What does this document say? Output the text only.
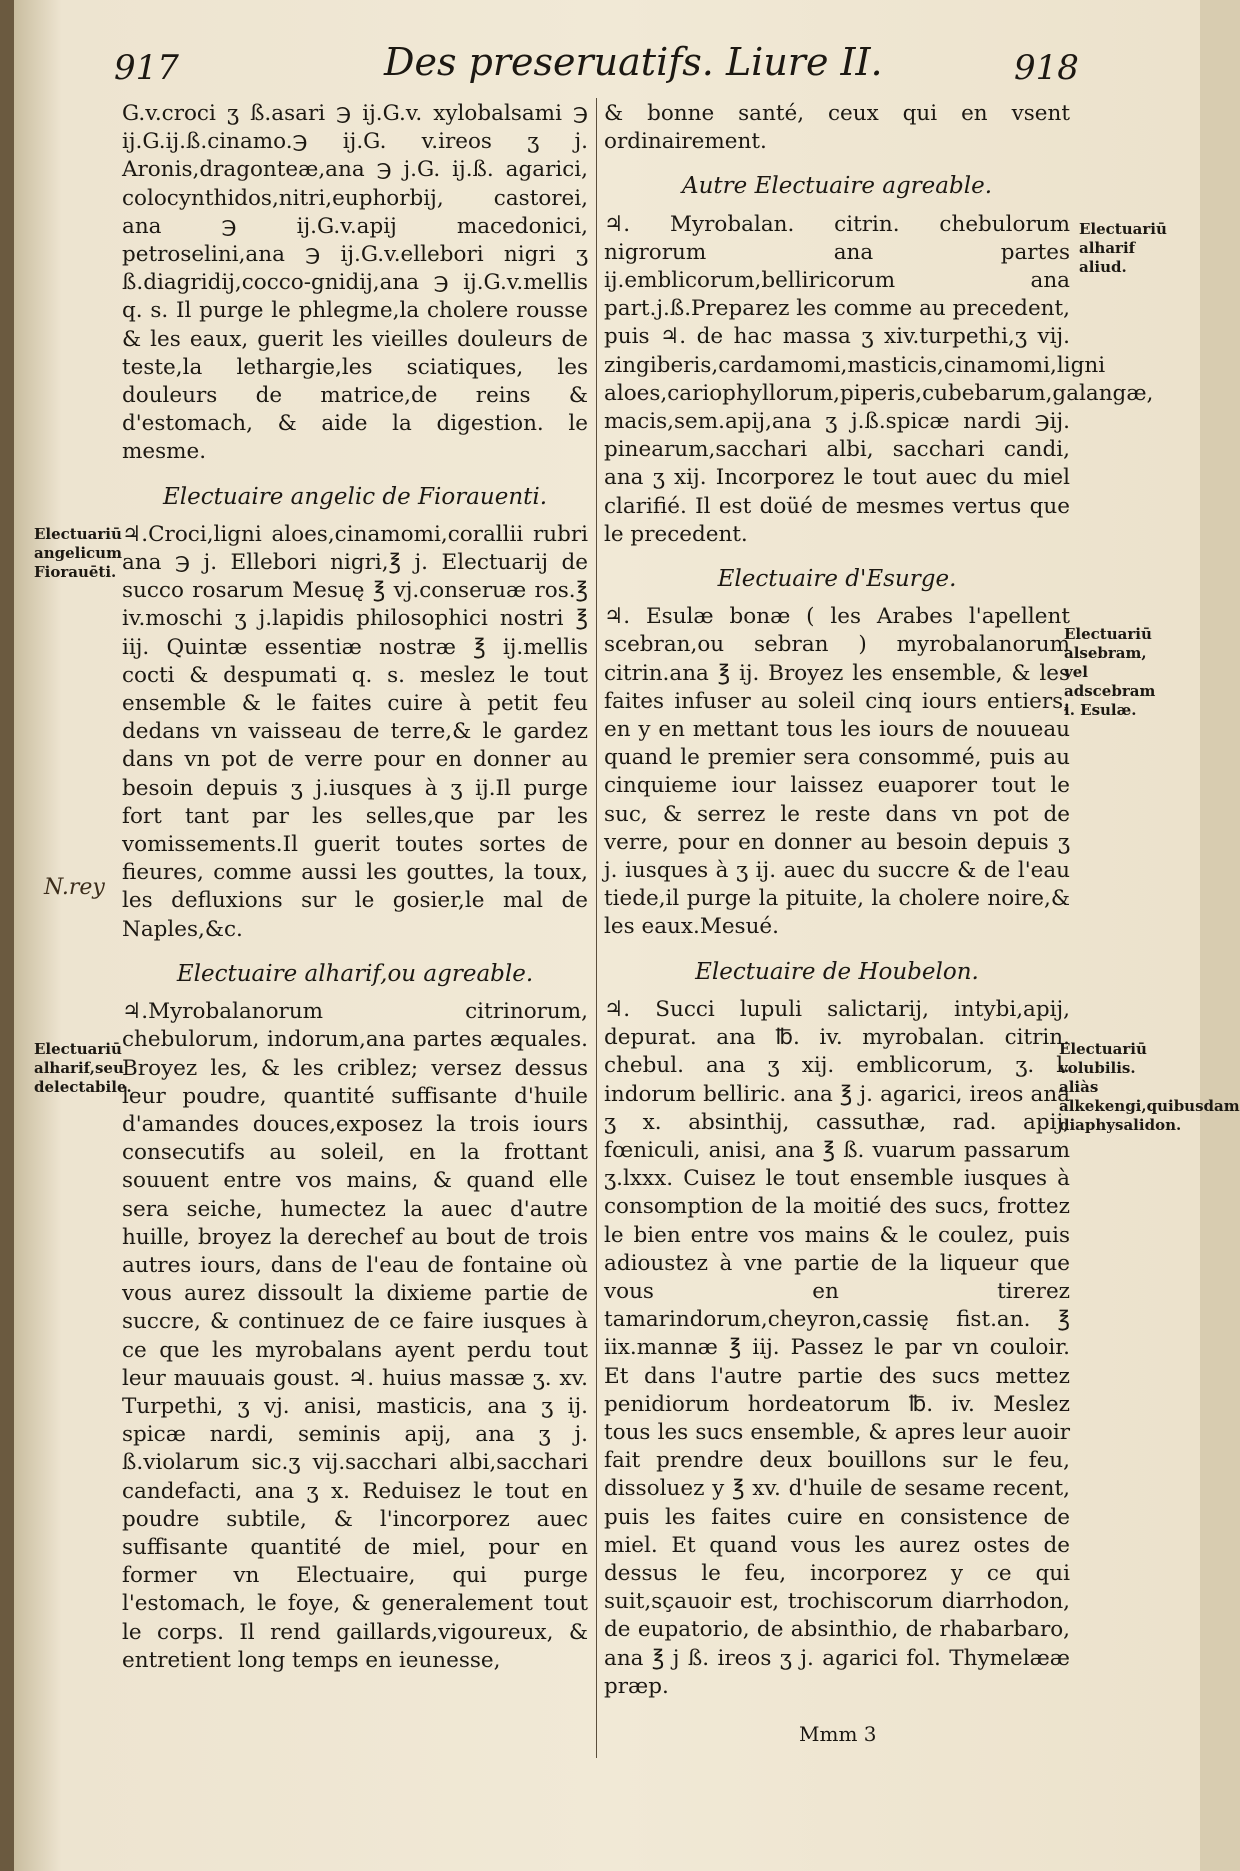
917	Des preseruatifs. Liure II.	918

G.v.croci ʒ ß.asari ℈ ij.G.v. xylobalsami ℈ ij.G.ij.ß.cinamo.℈ ij.G. v.ireos ʒ j. Aronis,dragonteæ,ana ℈ j.G. ij.ß. agarici, colocynthidos,nitri,euphorbij, castorei, ana ℈ ij.G.v.apij macedonici, petroselini,ana ℈ ij.G.v.ellebori nigri ʒ ß.diagridij,cocco-gnidij,ana ℈ ij.G.v.mellis q. s. Il purge le phlegme,la cholere rousse & les eaux, guerit les vieilles douleurs de teste,la lethargie,les sciatiques, les douleurs de matrice,de reins & d'estomach, & aide la digestion. le mesme.

Electuaire angelic de Fiorauenti.

♃.Croci,ligni aloes,cinamomi,corallii rubri ana ℈ j. Ellebori nigri,℥ j. Electuarij de succo rosarum Mesuę ℥ vj.conseruæ ros.℥ iv.moschi ʒ j.lapidis philosophici nostri ℥ iij. Quintæ essentiæ nostræ ℥ ij.mellis cocti & despumati q. s. meslez le tout ensemble & le faites cuire à petit feu dedans vn vaisseau de terre,& le gardez dans vn pot de verre pour en donner au besoin depuis ʒ j.iusques à ʒ ij.Il purge fort tant par les selles,que par les vomissements.Il guerit toutes sortes de fieures, comme aussi les gouttes, la toux, les defluxions sur le gosier,le mal de Naples,&c.

Electuaire alharif,ou agreable.

♃.Myrobalanorum citrinorum, chebulorum, indorum,ana partes æquales. Broyez les, & les criblez; versez dessus leur poudre, quantité suffisante d'huile d'amandes douces,exposez la trois iours consecutifs au soleil, en la frottant souuent entre vos mains, & quand elle sera seiche, humectez la auec d'autre huille, broyez la derechef au bout de trois autres iours, dans de l'eau de fontaine où vous aurez dissoult la dixieme partie de succre, & continuez de ce faire iusques à ce que les myrobalans ayent perdu tout leur mauuais goust. ♃. huius massæ ʒ. xv. Turpethi, ʒ vj. anisi, masticis, ana ʒ ij. spicæ nardi, seminis apij, ana ʒ j. ß.violarum sic.ʒ vij.sacchari albi,sacchari candefacti, ana ʒ x. Reduisez le tout en poudre subtile, & l'incorporez auec suffisante quantité de miel, pour en former vn Electuaire, qui purge l'estomach, le foye, & generalement tout le corps. Il rend gaillards,vigoureux, & entretient long temps en ieunesse,

& bonne santé, ceux qui en vsent ordinairement.

Autre Electuaire agreable.

♃. Myrobalan. citrin. chebulorum nigrorum ana partes ij.emblicorum,belliricorum ana part.j.ß.Preparez les comme au precedent, puis ♃. de hac massa ʒ xiv.turpethi,ʒ vij. zingiberis,cardamomi,masticis,cinamomi,ligni aloes,cariophyllorum,piperis,cubebarum,galangæ, macis,sem.apij,ana ʒ j.ß.spicæ nardi ℈ij. pinearum,sacchari albi, sacchari candi, ana ʒ xij. Incorporez le tout auec du miel clarifié. Il est doüé de mesmes vertus que le precedent.

Electuaire d'Esurge.

♃. Esulæ bonæ ( les Arabes l'apellent scebran,ou sebran ) myrobalanorum citrin.ana ℥ ij. Broyez les ensemble, & les faites infuser au soleil cinq iours entiers, en y en mettant tous les iours de nouueau quand le premier sera consommé, puis au cinquieme iour laissez euaporer tout le suc, & serrez le reste dans vn pot de verre, pour en donner au besoin depuis ʒ j. iusques à ʒ ij. auec du succre & de l'eau tiede,il purge la pituite, la cholere noire,& les eaux.Mesué.

Electuaire de Houbelon.

♃. Succi lupuli salictarij, intybi,apij, depurat. ana ℔. iv. myrobalan. citrin. chebul. ana ʒ xij. emblicorum, ʒ. l. indorum belliric. ana ℥ j. agarici, ireos ana ʒ x. absinthij, cassuthæ, rad. apij, fœniculi, anisi, ana ℥ ß. vuarum passarum ʒ.lxxx. Cuisez le tout ensemble iusques à consomption de la moitié des sucs, frottez le bien entre vos mains & le coulez, puis adioustez à vne partie de la liqueur que vous en tirerez tamarindorum,cheyron,cassię fist.an. ℥ iix.mannæ ℥ iij. Passez le par vn couloir. Et dans l'autre partie des sucs mettez penidiorum hordeatorum ℔. iv. Meslez tous les sucs ensemble, & apres leur auoir fait prendre deux bouillons sur le feu, dissoluez y ℥ xv. d'huile de sesame recent, puis les faites cuire en consistence de miel. Et quand vous les aurez ostes de dessus le feu, incorporez y ce qui suit,sçauoir est, trochiscorum diarrhodon, de eupatorio, de absinthio, de rhabarbaro, ana ℥ j ß. ireos ʒ j. agarici fol. Thymelææ præp.

Electuariū angelicum Fiorauēti.
Electuariū alharif,seu delectabile.
Electuariū alharif aliud.
Electuariū alsebram, vel adscebram i. Esulæ.
Electuariū volubilis. aliàs alkekengi,quibusdam diaphysalidon.
N.rey
Mmm 3
